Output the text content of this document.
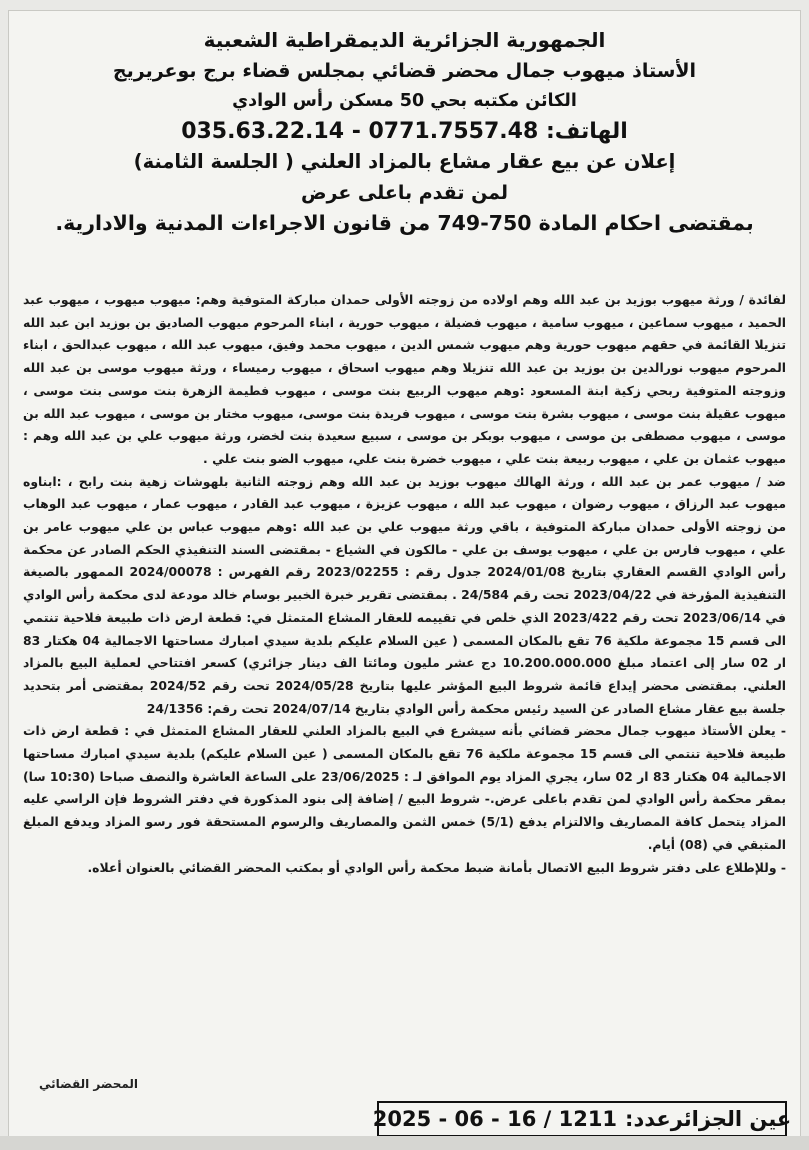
الجمهورية الجزائرية الديمقراطية الشعبية
الأستاذ ميهوب جمال محضر قضائي بمجلس قضاء برج بوعريريج
الكائن مكتبه بحي 50 مسكن رأس الوادي
الهاتف: 035.63.22.14 - 0771.7557.48
إعلان عن بيع عقار مشاع بالمزاد العلني ( الجلسة الثامنة)
لمن تقدم باعلى عرض
بمقتضى احكام المادة 750-749 من قانون الاجراءات المدنية والادارية.

لفائدة / ورثة ميهوب بوزيد بن عبد الله وهم اولاده من زوجته الأولى حمدان مباركة المتوفية وهم: ميهوب ميهوب ، ميهوب عبد الحميد ، ميهوب سماعين ، ميهوب سامية ، ميهوب فضيلة ، ميهوب حورية ، ابناء المرحوم ميهوب الصاديق بن بوزيد ابن عبد الله تنزيلا القائمة في حقهم ميهوب حورية وهم ميهوب شمس الدين ، ميهوب محمد وفيق، ميهوب عبد الله ، ميهوب عبدالحق ، ابناء المرحوم ميهوب نورالدين بن بوزيد بن عبد الله تنزيلا وهم ميهوب اسحاق ، ميهوب رميساء ، ورثة ميهوب موسى بن عبد الله وزوجته المتوفية ربحي زكية ابنة المسعود :وهم ميهوب الربيع بنت موسى ، ميهوب فطيمة الزهرة بنت موسى بنت موسى ، ميهوب عقيلة بنت موسى ، ميهوب بشرة بنت موسى ، ميهوب فريدة بنت موسى، ميهوب مختار بن موسى ، ميهوب عبد الله بن موسى ، ميهوب مصطفى بن موسى ، ميهوب بوبكر بن موسى ، سبيع سعيدة بنت لخضر، ورثة ميهوب علي بن عبد الله وهم : ميهوب عثمان بن علي ، ميهوب ربيعة بنت علي ، ميهوب خضرة بنت علي، ميهوب الضو بنت علي .

ضد / ميهوب عمر بن عبد الله ، ورثة الهالك ميهوب بوزيد بن عبد الله وهم زوجته الثانية بلهوشات زهية بنت رابح ، :ابناوه ميهوب عبد الرزاق ، ميهوب رضوان ، ميهوب عبد الله ، ميهوب عزيزة ، ميهوب عبد القادر ، ميهوب عمار ، ميهوب عبد الوهاب من زوجته الأولى حمدان مباركة المتوفية ، باقي ورثة ميهوب علي بن عبد الله :وهم ميهوب عباس بن علي ميهوب عامر بن علي ، ميهوب فارس بن علي ، ميهوب يوسف بن علي - مالكون في الشياع - بمقتضى السند التنفيذي الحكم الصادر عن محكمة رأس الوادي القسم العقاري بتاريخ 2024/01/08 جدول رقم : 2023/02255 رقم الفهرس : 2024/00078 الممهور بالصيغة التنفيذية المؤرخة في 2023/04/22 تحت رقم 24/584 . بمقتضى تقرير خبرة الخبير بوسام خالد مودعة لدى محكمة رأس الوادي في 2023/06/14 تحت رقم 2023/422 الذي خلص في تقييمه للعقار المشاع المتمثل في: قطعة ارض ذات طبيعة فلاحية تنتمي الى قسم 15 مجموعة ملكية 76 تقع بالمكان المسمى ( عين السلام عليكم بلدية سيدي امبارك مساحتها الاجمالية 04 هكتار 83 ار 02 سار إلى اعتماد مبلغ 10.200.000.000 دج عشر مليون ومائتا الف دينار جزائري) كسعر افتتاحي لعملية البيع بالمزاد العلني. بمقتضى محضر إيداع قائمة شروط البيع المؤشر عليها بتاريخ 2024/05/28 تحت رقم 2024/52 بمقتضى أمر بتحديد جلسة بيع عقار مشاع الصادر عن السيد رئيس محكمة رأس الوادي بتاريخ 2024/07/14 تحت رقم: 24/1356

- يعلن الأستاذ ميهوب جمال محضر قضائي بأنه سيشرع في البيع بالمزاد العلني للعقار المشاع المتمثل في : قطعة ارض ذات طبيعة فلاحية تنتمي الى قسم 15 مجموعة ملكية 76 تقع بالمكان المسمى ( عين السلام عليكم) بلدية سيدي امبارك مساحتها الاجمالية 04 هكتار 83 ار 02 سار، يجري المزاد يوم الموافق لـ : 23/06/2025 على الساعة العاشرة والنصف صباحا (10:30 سا) بمقر محكمة رأس الوادي لمن تقدم باعلى عرض.- شروط البيع / إضافة إلى بنود المذكورة في دفتر الشروط فإن الراسي عليه المزاد يتحمل كافة المصاريف والالتزام يدفع (5/1) خمس الثمن والمصاريف والرسوم المستحقة فور رسو المزاد ويدفع المبلغ المتبقي في (08) أيام.

- وللإطلاع على دفتر شروط البيع الاتصال بأمانة ضبط محكمة رأس الوادي أو بمكتب المحضر القضائي بالعنوان أعلاه.

المحضر القضائي
عين الجزائرعدد:
2025 - 06 - 16 / 1211
